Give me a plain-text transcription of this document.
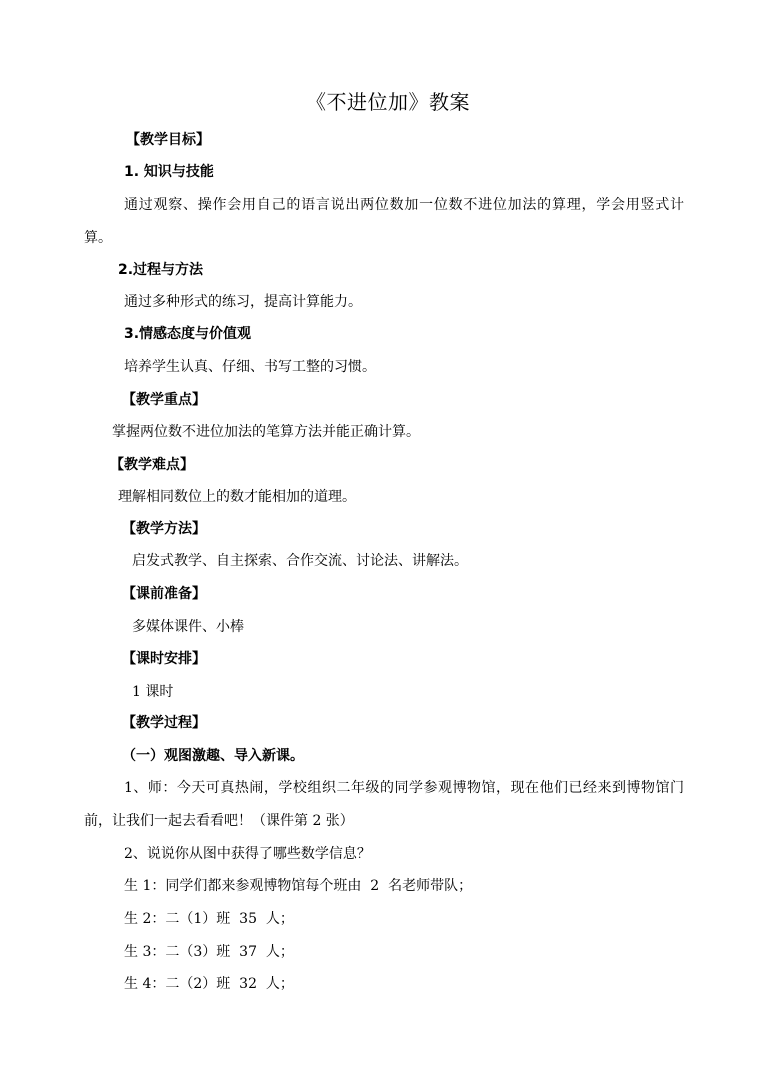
《不进位加》教案
【教学目标】
1. 知识与技能
通过观察、操作会用自己的语言说出两位数加一位数不进位加法的算理，学会用竖式计
算。
2.过程与方法
通过多种形式的练习，提高计算能力。
3.情感态度与价值观
培养学生认真、仔细、书写工整的习惯。
【教学重点】
掌握两位数不进位加法的笔算方法并能正确计算。
【教学难点】
理解相同数位上的数才能相加的道理。
【教学方法】
启发式教学、自主探索、合作交流、讨论法、讲解法。
【课前准备】
多媒体课件、小棒
【课时安排】
1 课时
【教学过程】
（一）观图激趣、导入新课。
1、师：今天可真热闹，学校组织二年级的同学参观博物馆，现在他们已经来到博物馆门
前，让我们一起去看看吧！（课件第 2 张）
2、说说你从图中获得了哪些数学信息？
生 1：同学们都来参观博物馆每个班由  2  名老师带队；
生 2：二（1）班  35  人；
生 3：二（3）班  37  人；
生 4：二（2）班  32  人；
